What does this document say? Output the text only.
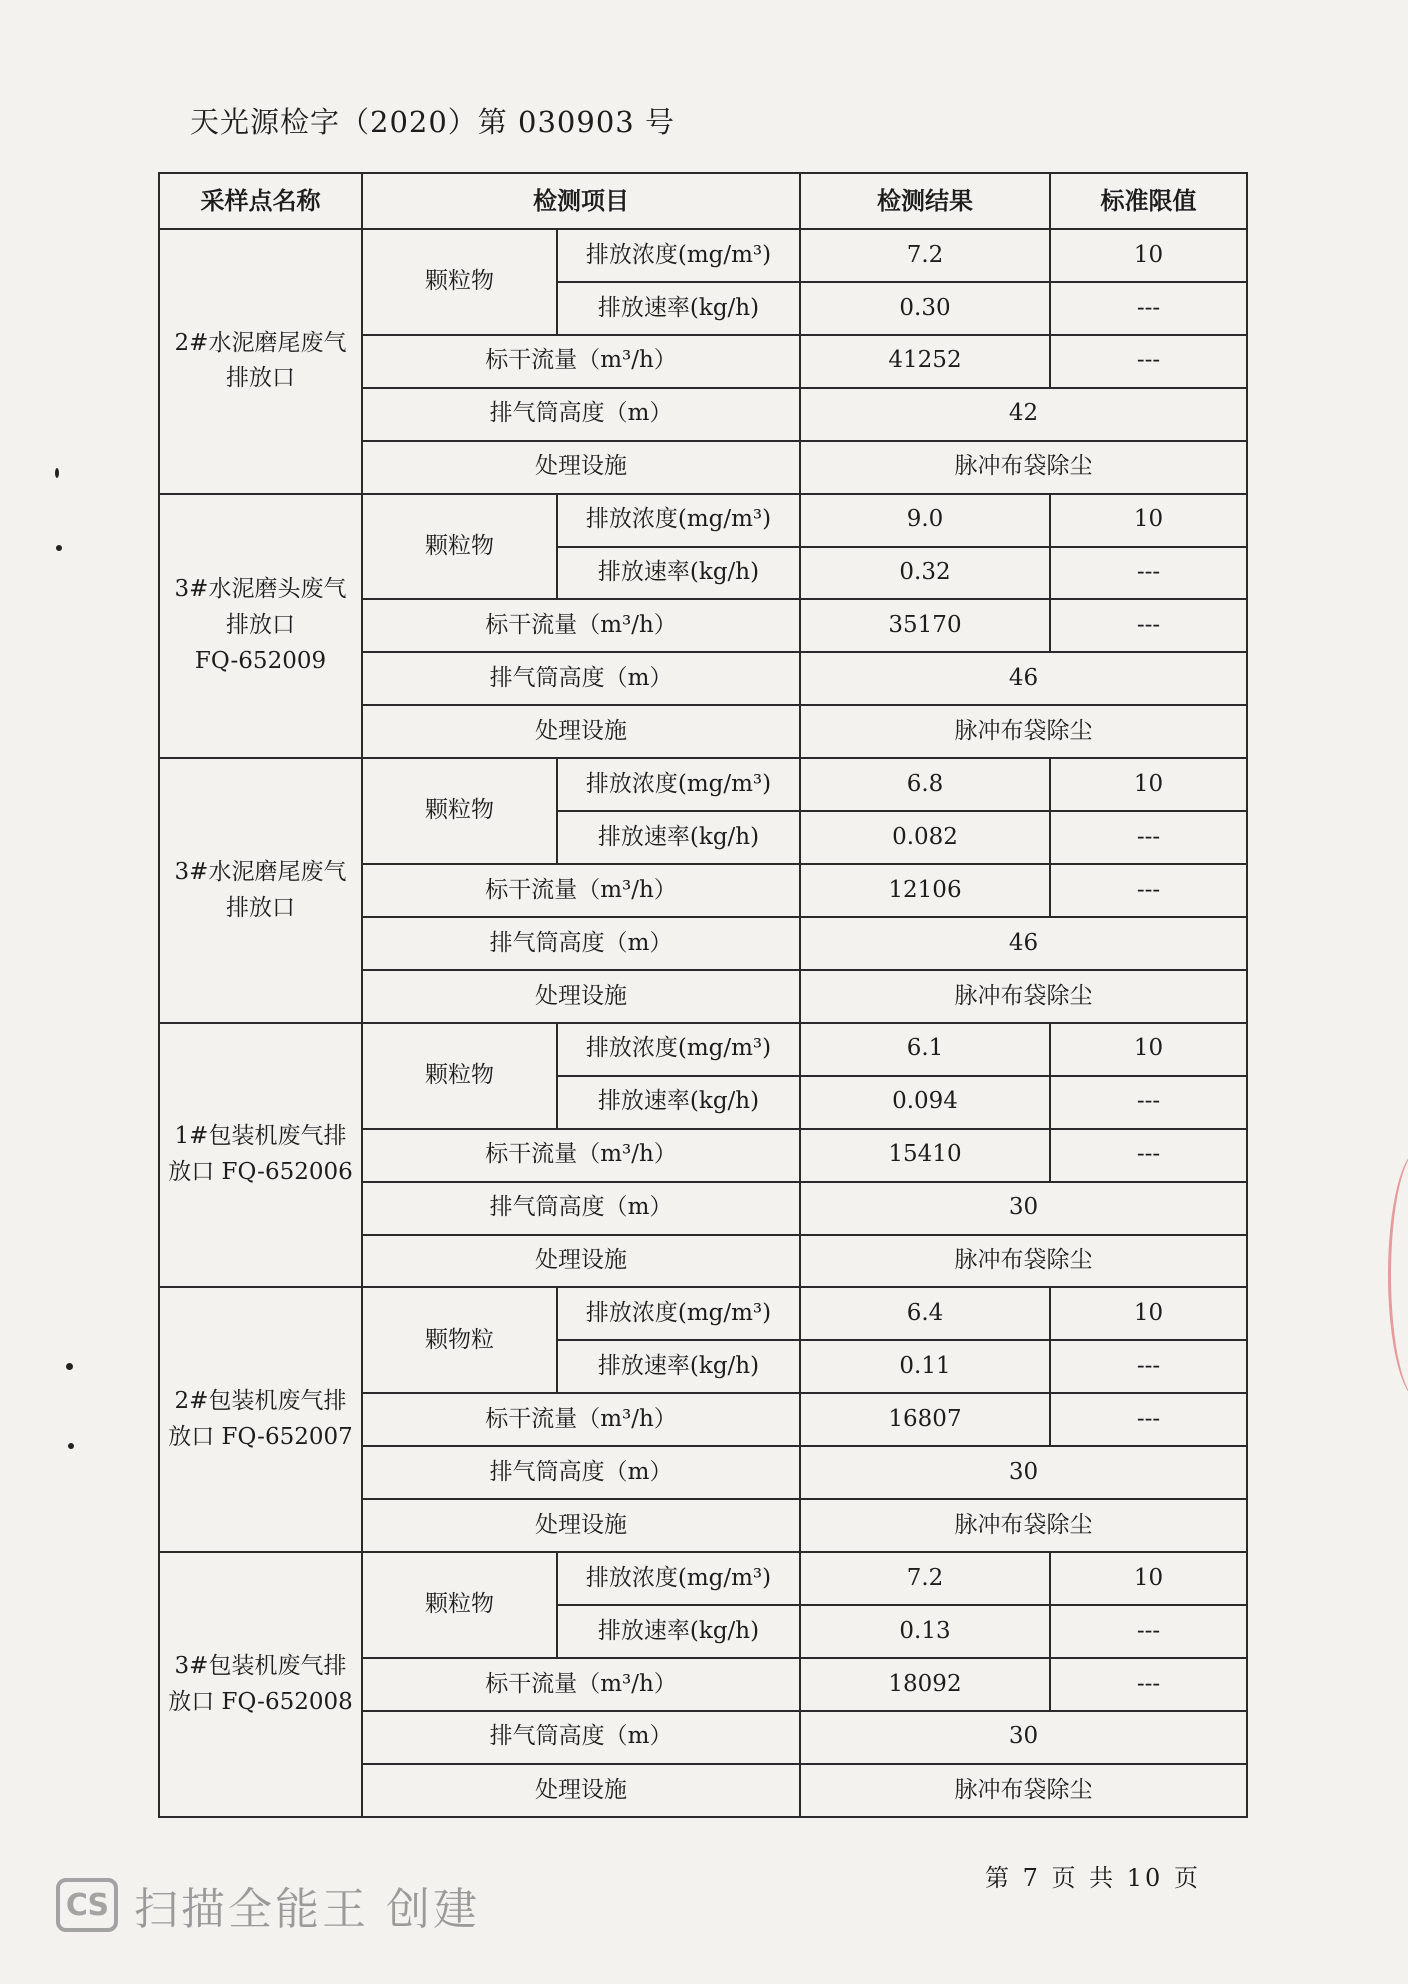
天光源检字（2020）第 030903 号
采样点名称	检测项目		检测结果	标准限值

2#水泥磨尾废气
排放口	颗粒物	排放浓度(mg/m³)	7.2	10
		排放速率(kg/h)	0.30	---
	标干流量（m³/h）		41252	---
	排气筒高度（m）		42	
	处理设施		脉冲布袋除尘	

3#水泥磨头废气
排放口
FQ-652009	颗粒物	排放浓度(mg/m³)	9.0	10
		排放速率(kg/h)	0.32	---
	标干流量（m³/h）		35170	---
	排气筒高度（m）		46	
	处理设施		脉冲布袋除尘	

3#水泥磨尾废气
排放口	颗粒物	排放浓度(mg/m³)	6.8	10
		排放速率(kg/h)	0.082	---
	标干流量（m³/h）		12106	---
	排气筒高度（m）		46	
	处理设施		脉冲布袋除尘	

1#包装机废气排
放口 FQ-652006	颗粒物	排放浓度(mg/m³)	6.1	10
		排放速率(kg/h)	0.094	---
	标干流量（m³/h）		15410	---
	排气筒高度（m）		30	
	处理设施		脉冲布袋除尘	

2#包装机废气排
放口 FQ-652007	颗物粒	排放浓度(mg/m³)	6.4	10
		排放速率(kg/h)	0.11	---
	标干流量（m³/h）		16807	---
	排气筒高度（m）		30	
	处理设施		脉冲布袋除尘	

3#包装机废气排
放口 FQ-652008	颗粒物	排放浓度(mg/m³)	7.2	10
		排放速率(kg/h)	0.13	---
	标干流量（m³/h）		18092	---
	排气筒高度（m）		30	
	处理设施		脉冲布袋除尘	
第 7 页 共 10 页
CS 扫描全能王 创建
